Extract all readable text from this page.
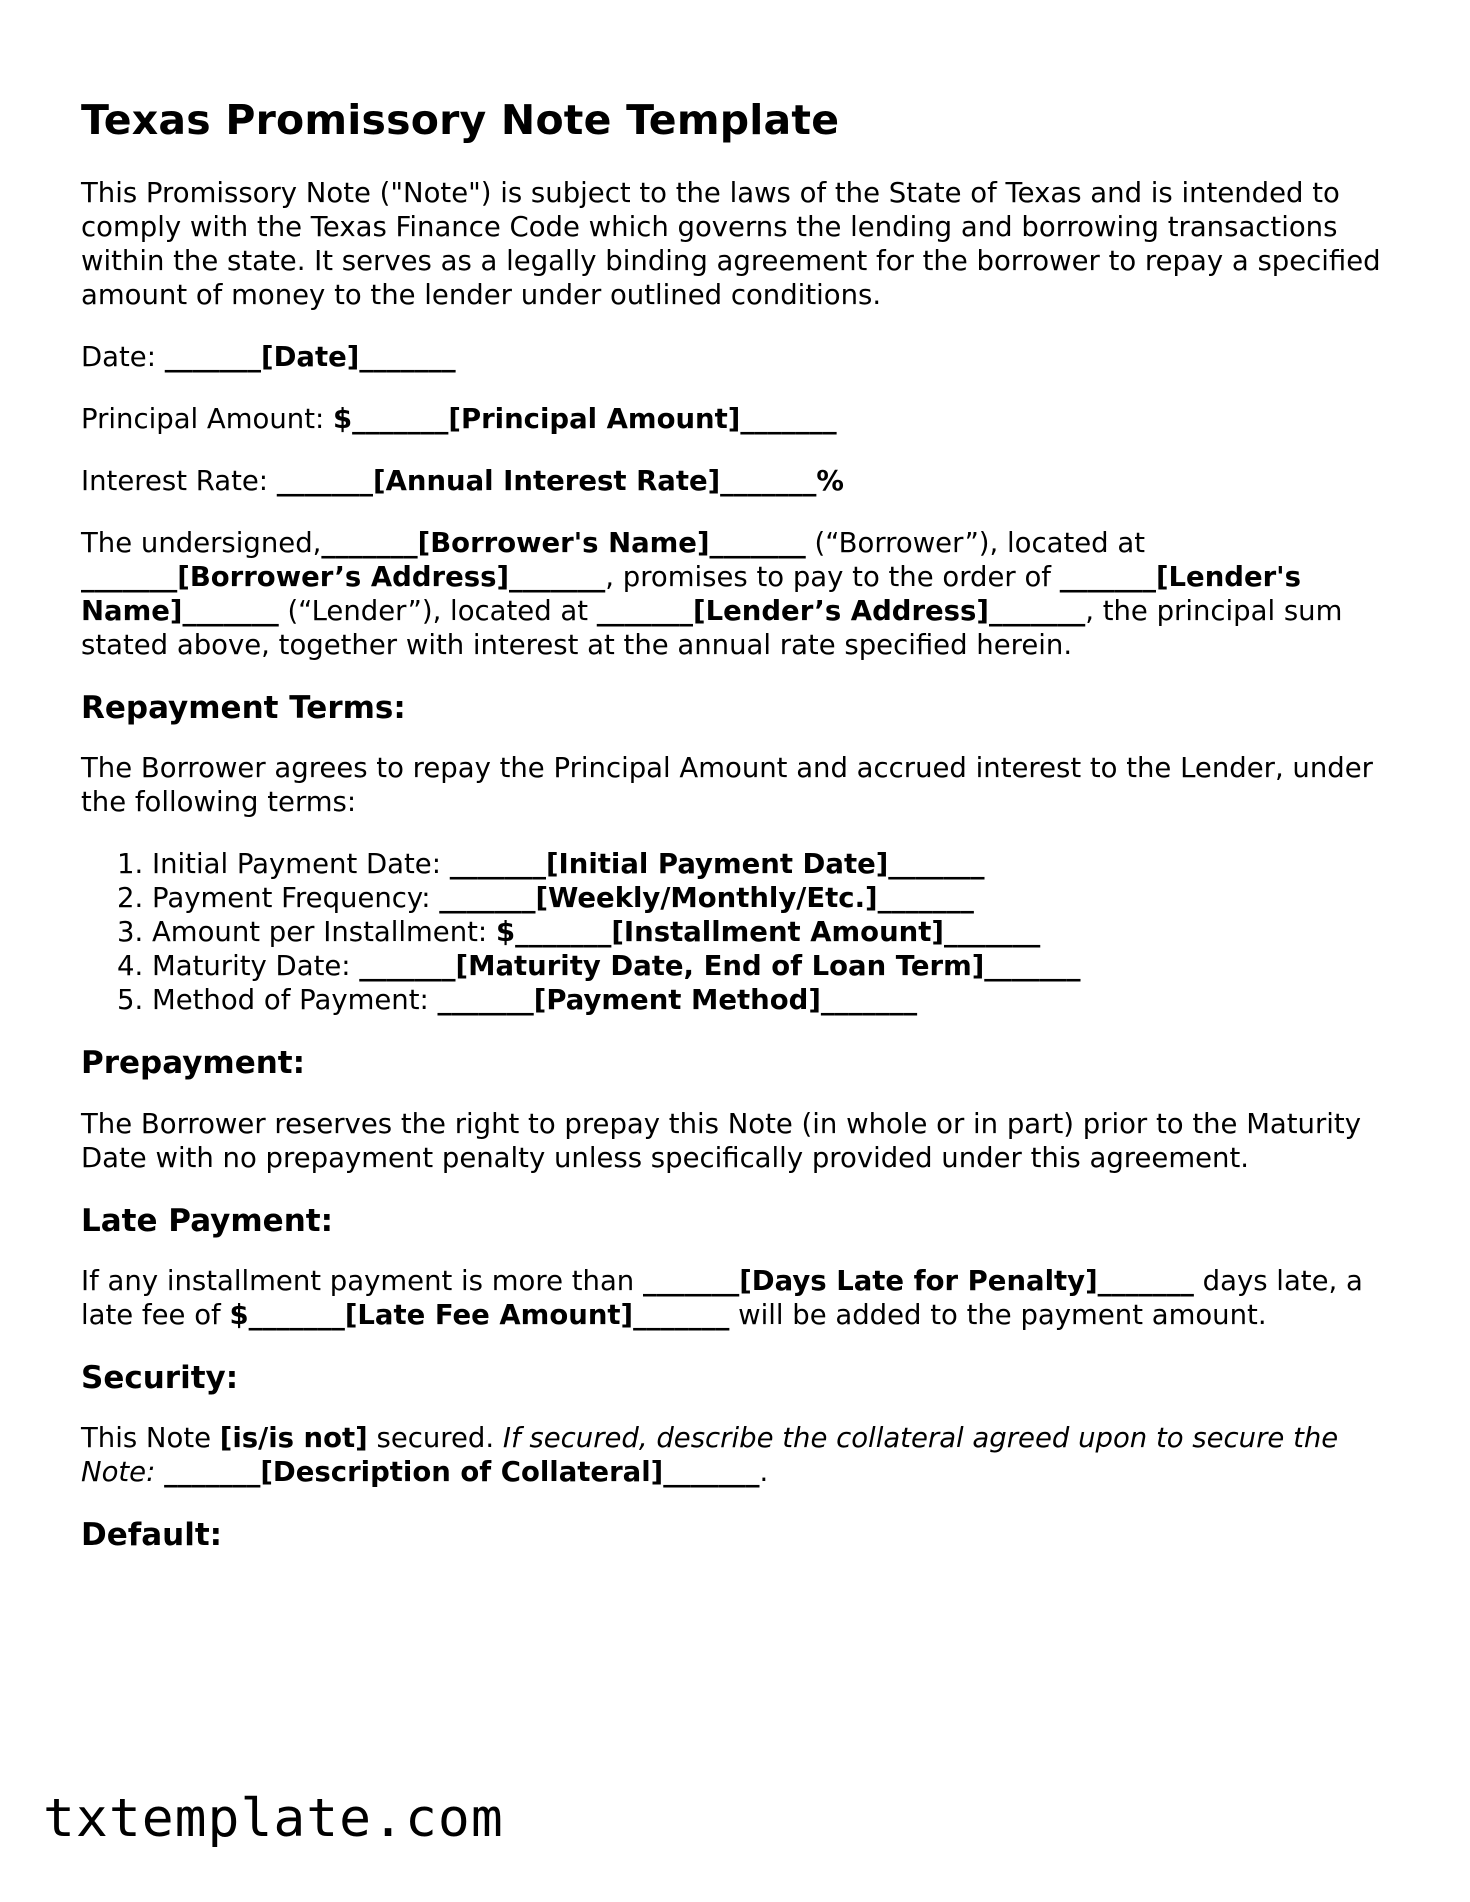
Texas Promissory Note Template

This Promissory Note ("Note") is subject to the laws of the State of Texas and is intended to comply with the Texas Finance Code which governs the lending and borrowing transactions within the state. It serves as a legally binding agreement for the borrower to repay a specified amount of money to the lender under outlined conditions.

Date: _______[Date]_______

Principal Amount: $_______[Principal Amount]_______

Interest Rate: _______[Annual Interest Rate]_______%

The undersigned,_______[Borrower's Name]_______ (“Borrower”), located at _______[Borrower’s Address]_______, promises to pay to the order of _______[Lender's Name]_______ (“Lender”), located at _______[Lender’s Address]_______, the principal sum stated above, together with interest at the annual rate specified herein.

Repayment Terms:

The Borrower agrees to repay the Principal Amount and accrued interest to the Lender, under the following terms:

1. Initial Payment Date: _______[Initial Payment Date]_______
2. Payment Frequency: _______[Weekly/Monthly/Etc.]_______
3. Amount per Installment: $_______[Installment Amount]_______
4. Maturity Date: _______[Maturity Date, End of Loan Term]_______
5. Method of Payment: _______[Payment Method]_______
Prepayment:

The Borrower reserves the right to prepay this Note (in whole or in part) prior to the Maturity Date with no prepayment penalty unless specifically provided under this agreement.

Late Payment:

If any installment payment is more than _______[Days Late for Penalty]_______ days late, a late fee of $_______[Late Fee Amount]_______ will be added to the payment amount.

Security:

This Note [is/is not] secured. If secured, describe the collateral agreed upon to secure the Note: _______[Description of Collateral]_______.

Default:
txtemplate.com
